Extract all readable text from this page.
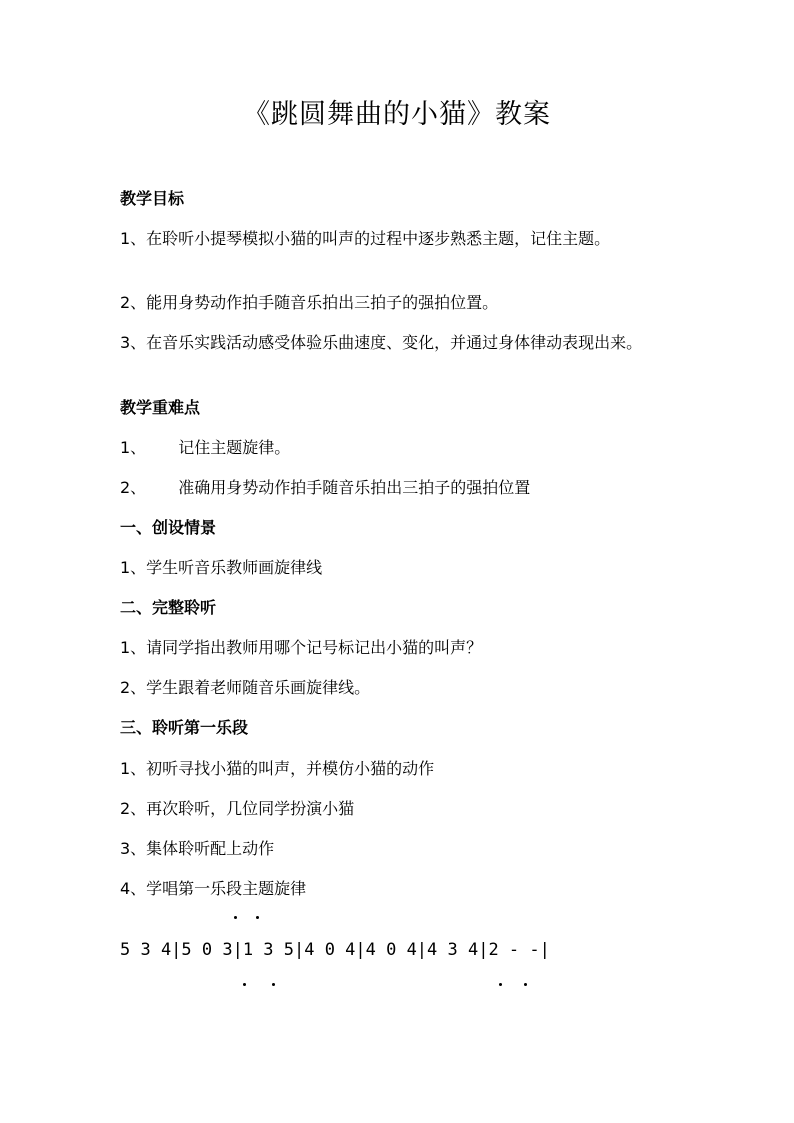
《跳圆舞曲的小猫》教案
教学目标
1、在聆听小提琴模拟小猫的叫声的过程中逐步熟悉主题，记住主题。
2、能用身势动作拍手随音乐拍出三拍子的强拍位置。
3、在音乐实践活动感受体验乐曲速度、变化，并通过身体律动表现出来。
教学重难点
1、 记住主题旋律。
2、 准确用身势动作拍手随音乐拍出三拍子的强拍位置
一、创设情景
1、学生听音乐教师画旋律线
二、完整聆听
1、请同学指出教师用哪个记号标记出小猫的叫声？
2、学生跟着老师随音乐画旋律线。
三、聆听第一乐段
1、初听寻找小猫的叫声，并模仿小猫的动作
2、再次聆听，几位同学扮演小猫
3、集体聆听配上动作
4、学唱第一乐段主题旋律
5 3 4|5 0 3|1 3 5|4 0 4|4 0 4|4 3 4|2 - -|
